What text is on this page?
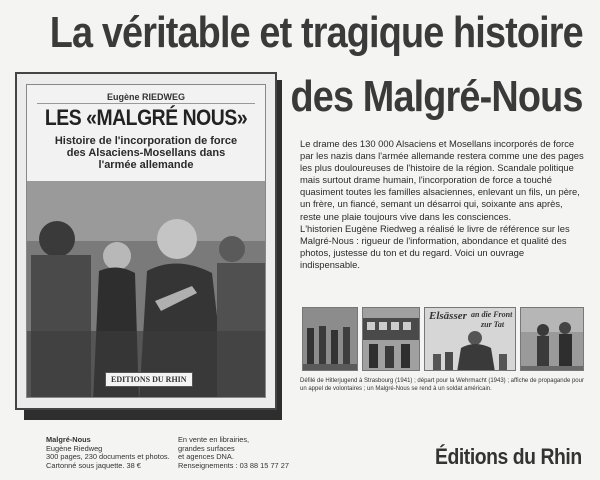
La véritable et tragique histoire
des Malgré-Nous
Eugène RIEDWEG
LES «MALGRÉ NOUS»
Histoire de l'incorporation de force
des Alsaciens-Mosellans dans
l'armée allemande
EDITIONS DU RHIN

Le drame des 130 000 Alsaciens et Mosellans incorporés de force par les nazis dans l'armée allemande restera comme une des pages les plus douloureuses de l'histoire de la région. Scandale politique mais surtout drame humain, l'incorporation de force a touché quasiment toutes les familles alsaciennes, enlevant un fils, un père, un frère, un fiancé, semant un désarroi qui, soixante ans après, reste une plaie toujours vive dans les consciences.

L'historien Eugène Riedweg a réalisé le livre de référence sur les Malgré-Nous : rigueur de l'information, abondance et qualité des photos, justesse du ton et du regard. Voici un ouvrage indispensable.

Elsässer an die Front
zur Tat

Défilé de Hitlerjugend à Strasbourg (1941) ; départ pour la Wehrmacht (1943) ; affiche de propagande pour un appel de volontaires ; un Malgré-Nous se rend à un soldat américain.

Malgré-Nous
Eugène Riedweg
300 pages, 230 documents et photos.
Cartonné sous jaquette. 38 €
En vente en librairies,
grandes surfaces
et agences DNA.
Renseignements : 03 88 15 77 27	Éditions du Rhin
